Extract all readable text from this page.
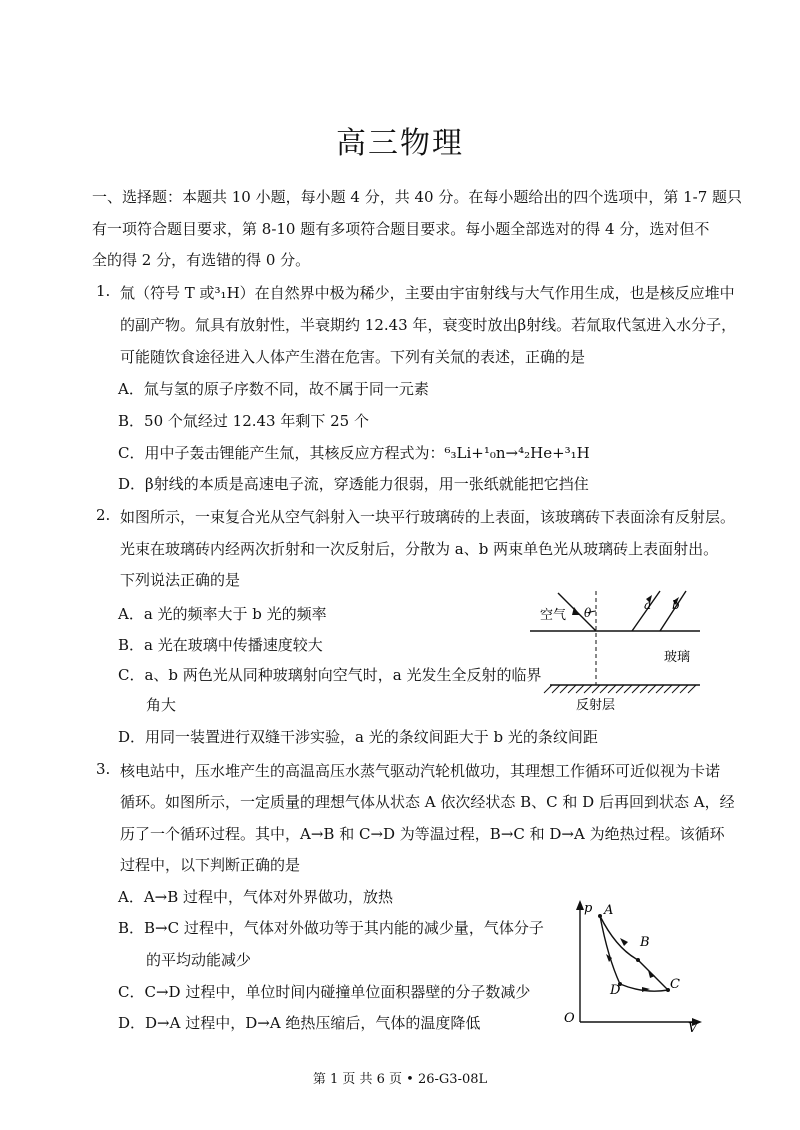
高三物理
一、选择题：本题共 10 小题，每小题 4 分，共 40 分。在每小题给出的四个选项中，第 1-7 题只
有一项符合题目要求，第 8-10 题有多项符合题目要求。每小题全部选对的得 4 分，选对但不
全的得 2 分，有选错的得 0 分。
1. 氚（符号 T 或³₁H）在自然界中极为稀少，主要由宇宙射线与大气作用生成，也是核反应堆中
的副产物。氚具有放射性，半衰期约 12.43 年，衰变时放出β射线。若氚取代氢进入水分子，
可能随饮食途径进入人体产生潜在危害。下列有关氚的表述，正确的是
A．氚与氢的原子序数不同，故不属于同一元素
B．50 个氚经过 12.43 年剩下 25 个
C．用中子轰击锂能产生氚，其核反应方程式为：⁶₃Li+¹₀n→⁴₂He+³₁H
D．β射线的本质是高速电子流，穿透能力很弱，用一张纸就能把它挡住
2. 如图所示，一束复合光从空气斜射入一块平行玻璃砖的上表面，该玻璃砖下表面涂有反射层。
光束在玻璃砖内经两次折射和一次反射后，分散为 a、b 两束单色光从玻璃砖上表面射出。
下列说法正确的是
A．a 光的频率大于 b 光的频率
B．a 光在玻璃中传播速度较大
C．a、b 两色光从同种玻璃射向空气时，a 光发生全反射的临界
角大
D．用同一装置进行双缝干涉实验，a 光的条纹间距大于 b 光的条纹间距
空气 θ
a b
玻璃
反射层
3. 核电站中，压水堆产生的高温高压水蒸气驱动汽轮机做功，其理想工作循环可近似视为卡诺
循环。如图所示，一定质量的理想气体从状态 A 依次经状态 B、C 和 D 后再回到状态 A，经
历了一个循环过程。其中，A→B 和 C→D 为等温过程，B→C 和 D→A 为绝热过程。该循环
过程中，以下判断正确的是
A．A→B 过程中，气体对外界做功，放热
B．B→C 过程中，气体对外做功等于其内能的减少量，气体分子
的平均动能减少
C．C→D 过程中，单位时间内碰撞单位面积器壁的分子数减少
D．D→A 过程中，D→A 绝热压缩后，气体的温度降低
p
V
O
A
B
C
D
第 1 页 共 6 页 • 26-G3-08L
